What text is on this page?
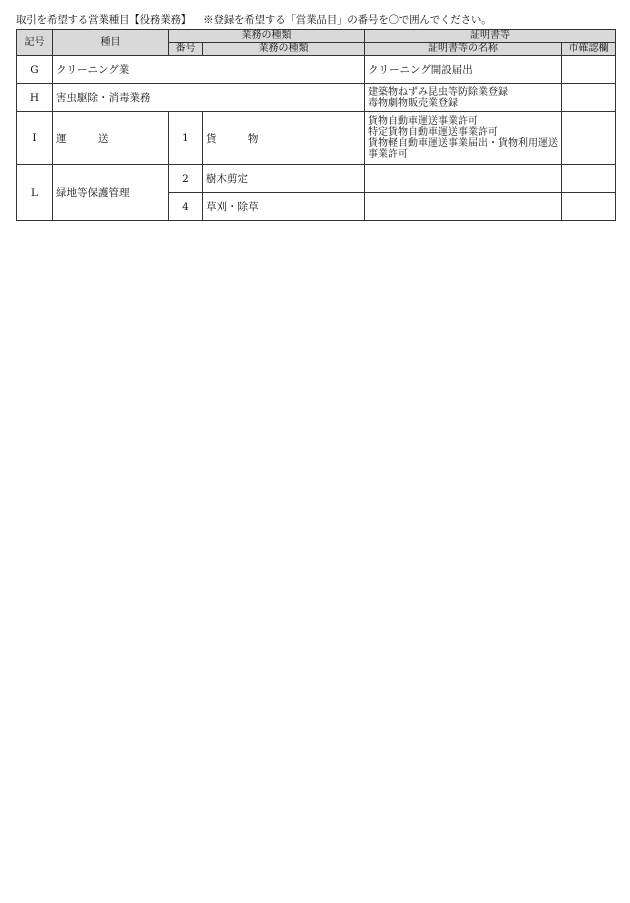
取引を希望する営業種目【役務業務】 ※登録を希望する「営業品目」の番号を〇で囲んでください。
記号	種目	業務の種類		証明書等	
		番号	業務の種類	証明書等の名称	市確認欄
G	クリーニング業			クリーニング開設届出	
H	害虫駆除・消毒業務			建築物ねずみ昆虫等防除業登録
毒物劇物販売業登録	

I	運 送	1	貨 物	貨物自動車運送事業許可
特定貨物自動車運送事業許可
貨物軽自動車運送事業届出・貨物利用運送事業許可	

L	緑地等保護管理	2	樹木剪定		
		4	草刈・除草		
